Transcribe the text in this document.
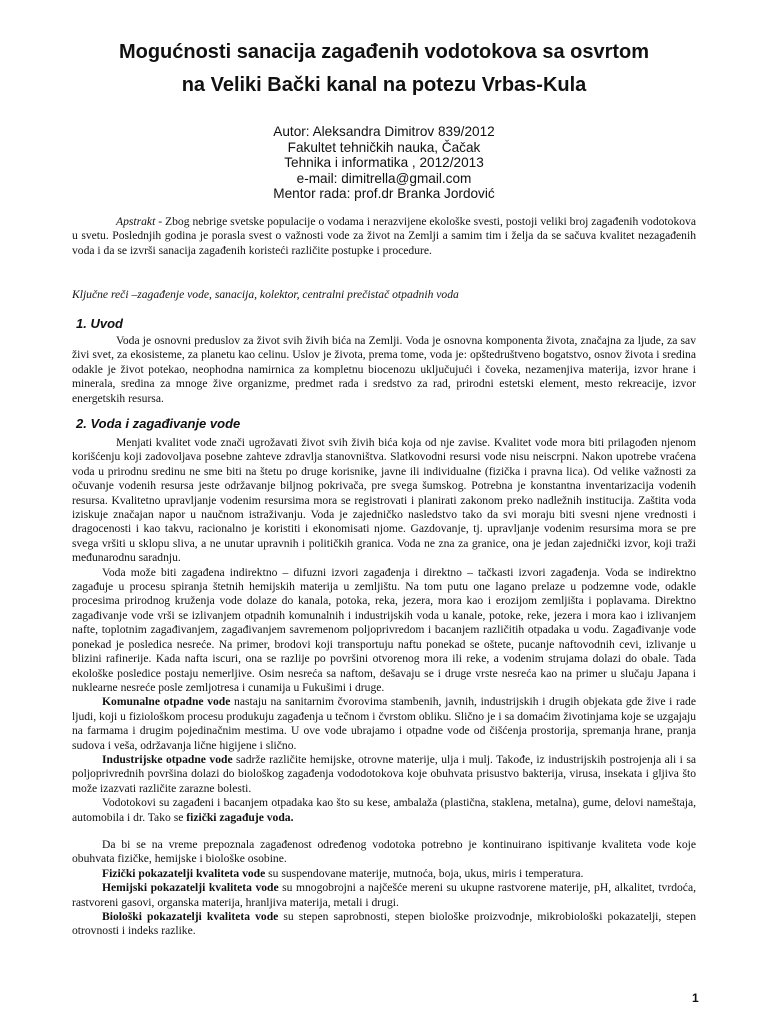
Mogućnosti sanacija zagađenih vodotokova sa osvrtom
na Veliki Bački kanal na potezu Vrbas-Kula
Autor: Aleksandra Dimitrov 839/2012
Fakultet tehničkih nauka, Čačak
Tehnika i informatika , 2012/2013
e-mail: dimitrella@gmail.com
Mentor rada: prof.dr Branka Jordović
Apstrakt - Zbog nebrige svetske populacije o vodama i nerazvijene ekološke svesti, postoji veliki broj zagađenih vodotokova u svetu. Poslednjih godina je porasla svest o važnosti vode za život na Zemlji a samim tim i želja da se sačuva kvalitet nezagađenih voda i da se izvrši sanacija zagađenih koristeći različite postupke i procedure.
Ključne reči –zagađenje vode, sanacija, kolektor, centralni prečistač otpadnih voda
1. Uvod

Voda je osnovni preduslov za život svih živih bića na Zemlji. Voda je osnovna komponenta života, značajna za ljude, za sav živi svet, za ekosisteme, za planetu kao celinu. Uslov je života, prema tome, voda je: opštedruštveno bogatstvo, osnov života i sredina odakle je život potekao, neophodna namirnica za kompletnu biocenozu uključujući i čoveka, nezamenjiva materija, izvor hrane i minerala, sredina za mnoge žive organizme, predmet rada i sredstvo za rad, prirodni estetski element, mesto rekreacije, izvor energetskih resursa.

2. Voda i zagađivanje vode

Menjati kvalitet vode znači ugrožavati život svih živih bića koja od nje zavise. Kvalitet vode mora biti prilagođen njenom korišćenju koji zadovoljava posebne zahteve zdravlja stanovništva. Slatkovodni resursi vode nisu neiscrpni. Nakon upotrebe vraćena voda u prirodnu sredinu ne sme biti na štetu po druge korisnike, javne ili individualne (fizička i pravna lica). Od velike važnosti za očuvanje vodenih resursa jeste održavanje biljnog pokrivača, pre svega šumskog. Potrebna je konstantna inventarizacija vodenih resursa. Kvalitetno upravljanje vodenim resursima mora se registrovati i planirati zakonom preko nadležnih institucija. Zaštita voda iziskuje značajan napor u naučnom istraživanju. Voda je zajedničko nasledstvo tako da svi moraju biti svesni njene vrednosti i dragocenosti i kao takvu, racionalno je koristiti i ekonomisati njome. Gazdovanje, tj. upravljanje vodenim resursima mora se pre svega vršiti u sklopu sliva, a ne unutar upravnih i političkih granica. Voda ne zna za granice, ona je jedan zajednički izvor, koji traži međunarodnu saradnju.

Voda može biti zagađena indirektno – difuzni izvori zagađenja i direktno – tačkasti izvori zagađenja. Voda se indirektno zagađuje u procesu spiranja štetnih hemijskih materija u zemljištu. Na tom putu one lagano prelaze u podzemne vode, odakle procesima prirodnog kruženja vode dolaze do kanala, potoka, reka, jezera, mora kao i erozijom zemljišta i poplavama. Direktno zagađivanje vode vrši se izlivanjem otpadnih komunalnih i industrijskih voda u kanale, potoke, reke, jezera i mora kao i izlivanjem nafte, toplotnim zagađivanjem, zagađivanjem savremenom poljoprivredom i bacanjem različitih otpadaka u vodu. Zagađivanje vode ponekad je posledica nesreće. Na primer, brodovi koji transportuju naftu ponekad se oštete, pucanje naftovodnih cevi, izlivanje u blizini rafinerije. Kada nafta iscuri, ona se razlije po površini otvorenog mora ili reke, a vodenim strujama dolazi do obale. Tada ekološke posledice postaju nemerljive. Osim nesreća sa naftom, dešavaju se i druge vrste nesreća kao na primer u slučaju Japana i nuklearne nesreće posle zemljotresa i cunamija u Fukušimi i druge.

Komunalne otpadne vode nastaju na sanitarnim čvorovima stambenih, javnih, industrijskih i drugih objekata gde žive i rade ljudi, koji u fiziološkom procesu produkuju zagađenja u tečnom i čvrstom obliku. Slično je i sa domaćim životinjama koje se uzgajaju na farmama i drugim pojedinačnim mestima. U ove vode ubrajamo i otpadne vode od čišćenja prostorija, spremanja hrane, pranja sudova i veša, održavanja lične higijene i slično.

Industrijske otpadne vode sadrže različite hemijske, otrovne materije, ulja i mulj. Takođe, iz industrijskih postrojenja ali i sa poljoprivrednih površina dolazi do biološkog zagađenja vododotokova koje obuhvata prisustvo bakterija, virusa, insekata i gljiva što može izazvati različite zarazne bolesti.

Vodotokovi su zagađeni i bacanjem otpadaka kao što su kese, ambalaža (plastična, staklena, metalna), gume, delovi nameštaja, automobila i dr. Tako se fizički zagađuje voda.

Da bi se na vreme prepoznala zagađenost određenog vodotoka potrebno je kontinuirano ispitivanje kvaliteta vode koje obuhvata fizičke, hemijske i biološke osobine.

Fizički pokazatelji kvaliteta vode su suspendovane materije, mutnoća, boja, ukus, miris i temperatura.

Hemijski pokazatelji kvaliteta vode su mnogobrojni a najčešće mereni su ukupne rastvorene materije, pH, alkalitet, tvrdoća, rastvoreni gasovi, organska materija, hranljiva materija, metali i drugi.

Biološki pokazatelji kvaliteta vode su stepen saprobnosti, stepen biološke proizvodnje, mikrobiološki pokazatelji, stepen otrovnosti i indeks razlike.

1
